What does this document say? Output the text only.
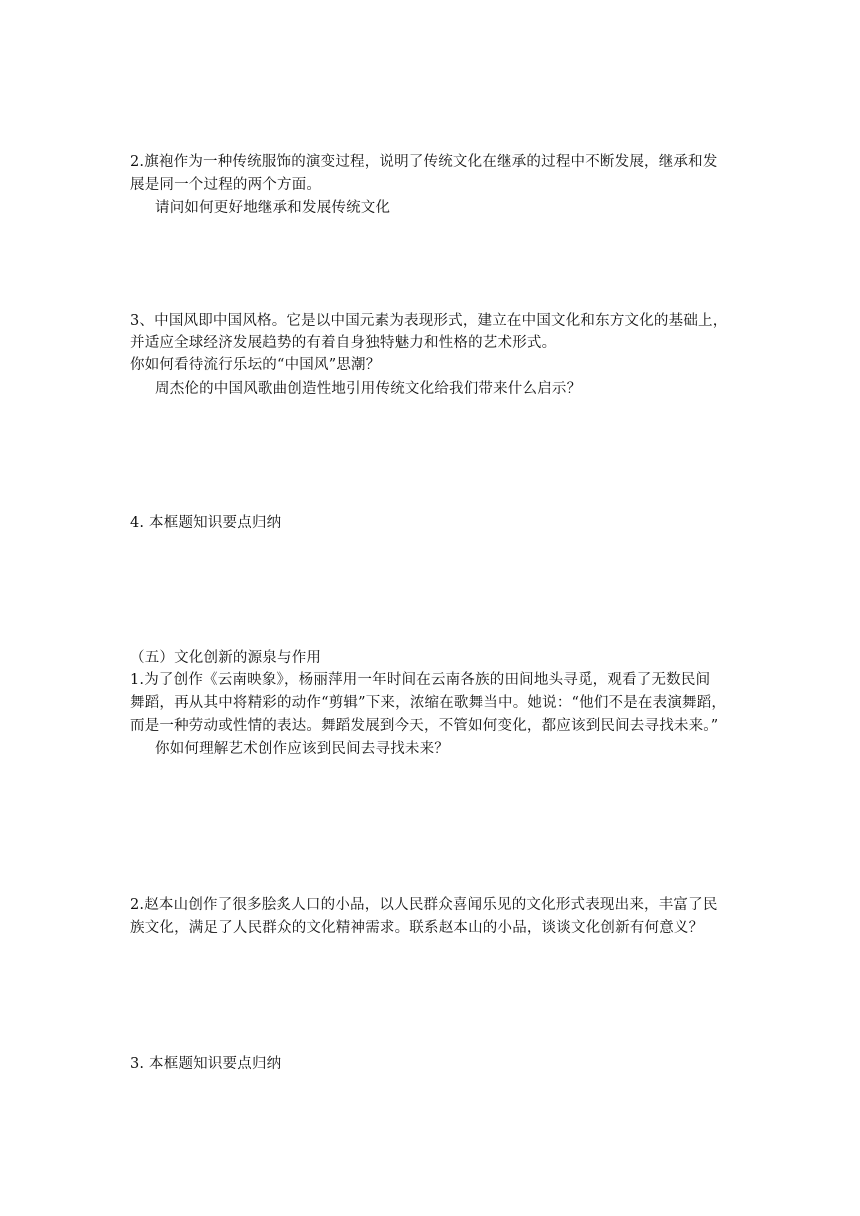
2.旗袍作为一种传统服饰的演变过程，说明了传统文化在继承的过程中不断发展，继承和发
展是同一个过程的两个方面。
请问如何更好地继承和发展传统文化
3、中国风即中国风格。它是以中国元素为表现形式，建立在中国文化和东方文化的基础上，
并适应全球经济发展趋势的有着自身独特魅力和性格的艺术形式。
你如何看待流行乐坛的“中国风”思潮？
周杰伦的中国风歌曲创造性地引用传统文化给我们带来什么启示？
4. 本框题知识要点归纳
（五）文化创新的源泉与作用
1.为了创作《云南映象》，杨丽萍用一年时间在云南各族的田间地头寻觅，观看了无数民间
舞蹈，再从其中将精彩的动作“剪辑”下来，浓缩在歌舞当中。她说：“他们不是在表演舞蹈，
而是一种劳动或性情的表达。舞蹈发展到今天，不管如何变化，都应该到民间去寻找未来。”
你如何理解艺术创作应该到民间去寻找未来？
2.赵本山创作了很多脍炙人口的小品，以人民群众喜闻乐见的文化形式表现出来，丰富了民
族文化，满足了人民群众的文化精神需求。联系赵本山的小品，谈谈文化创新有何意义？
3. 本框题知识要点归纳
